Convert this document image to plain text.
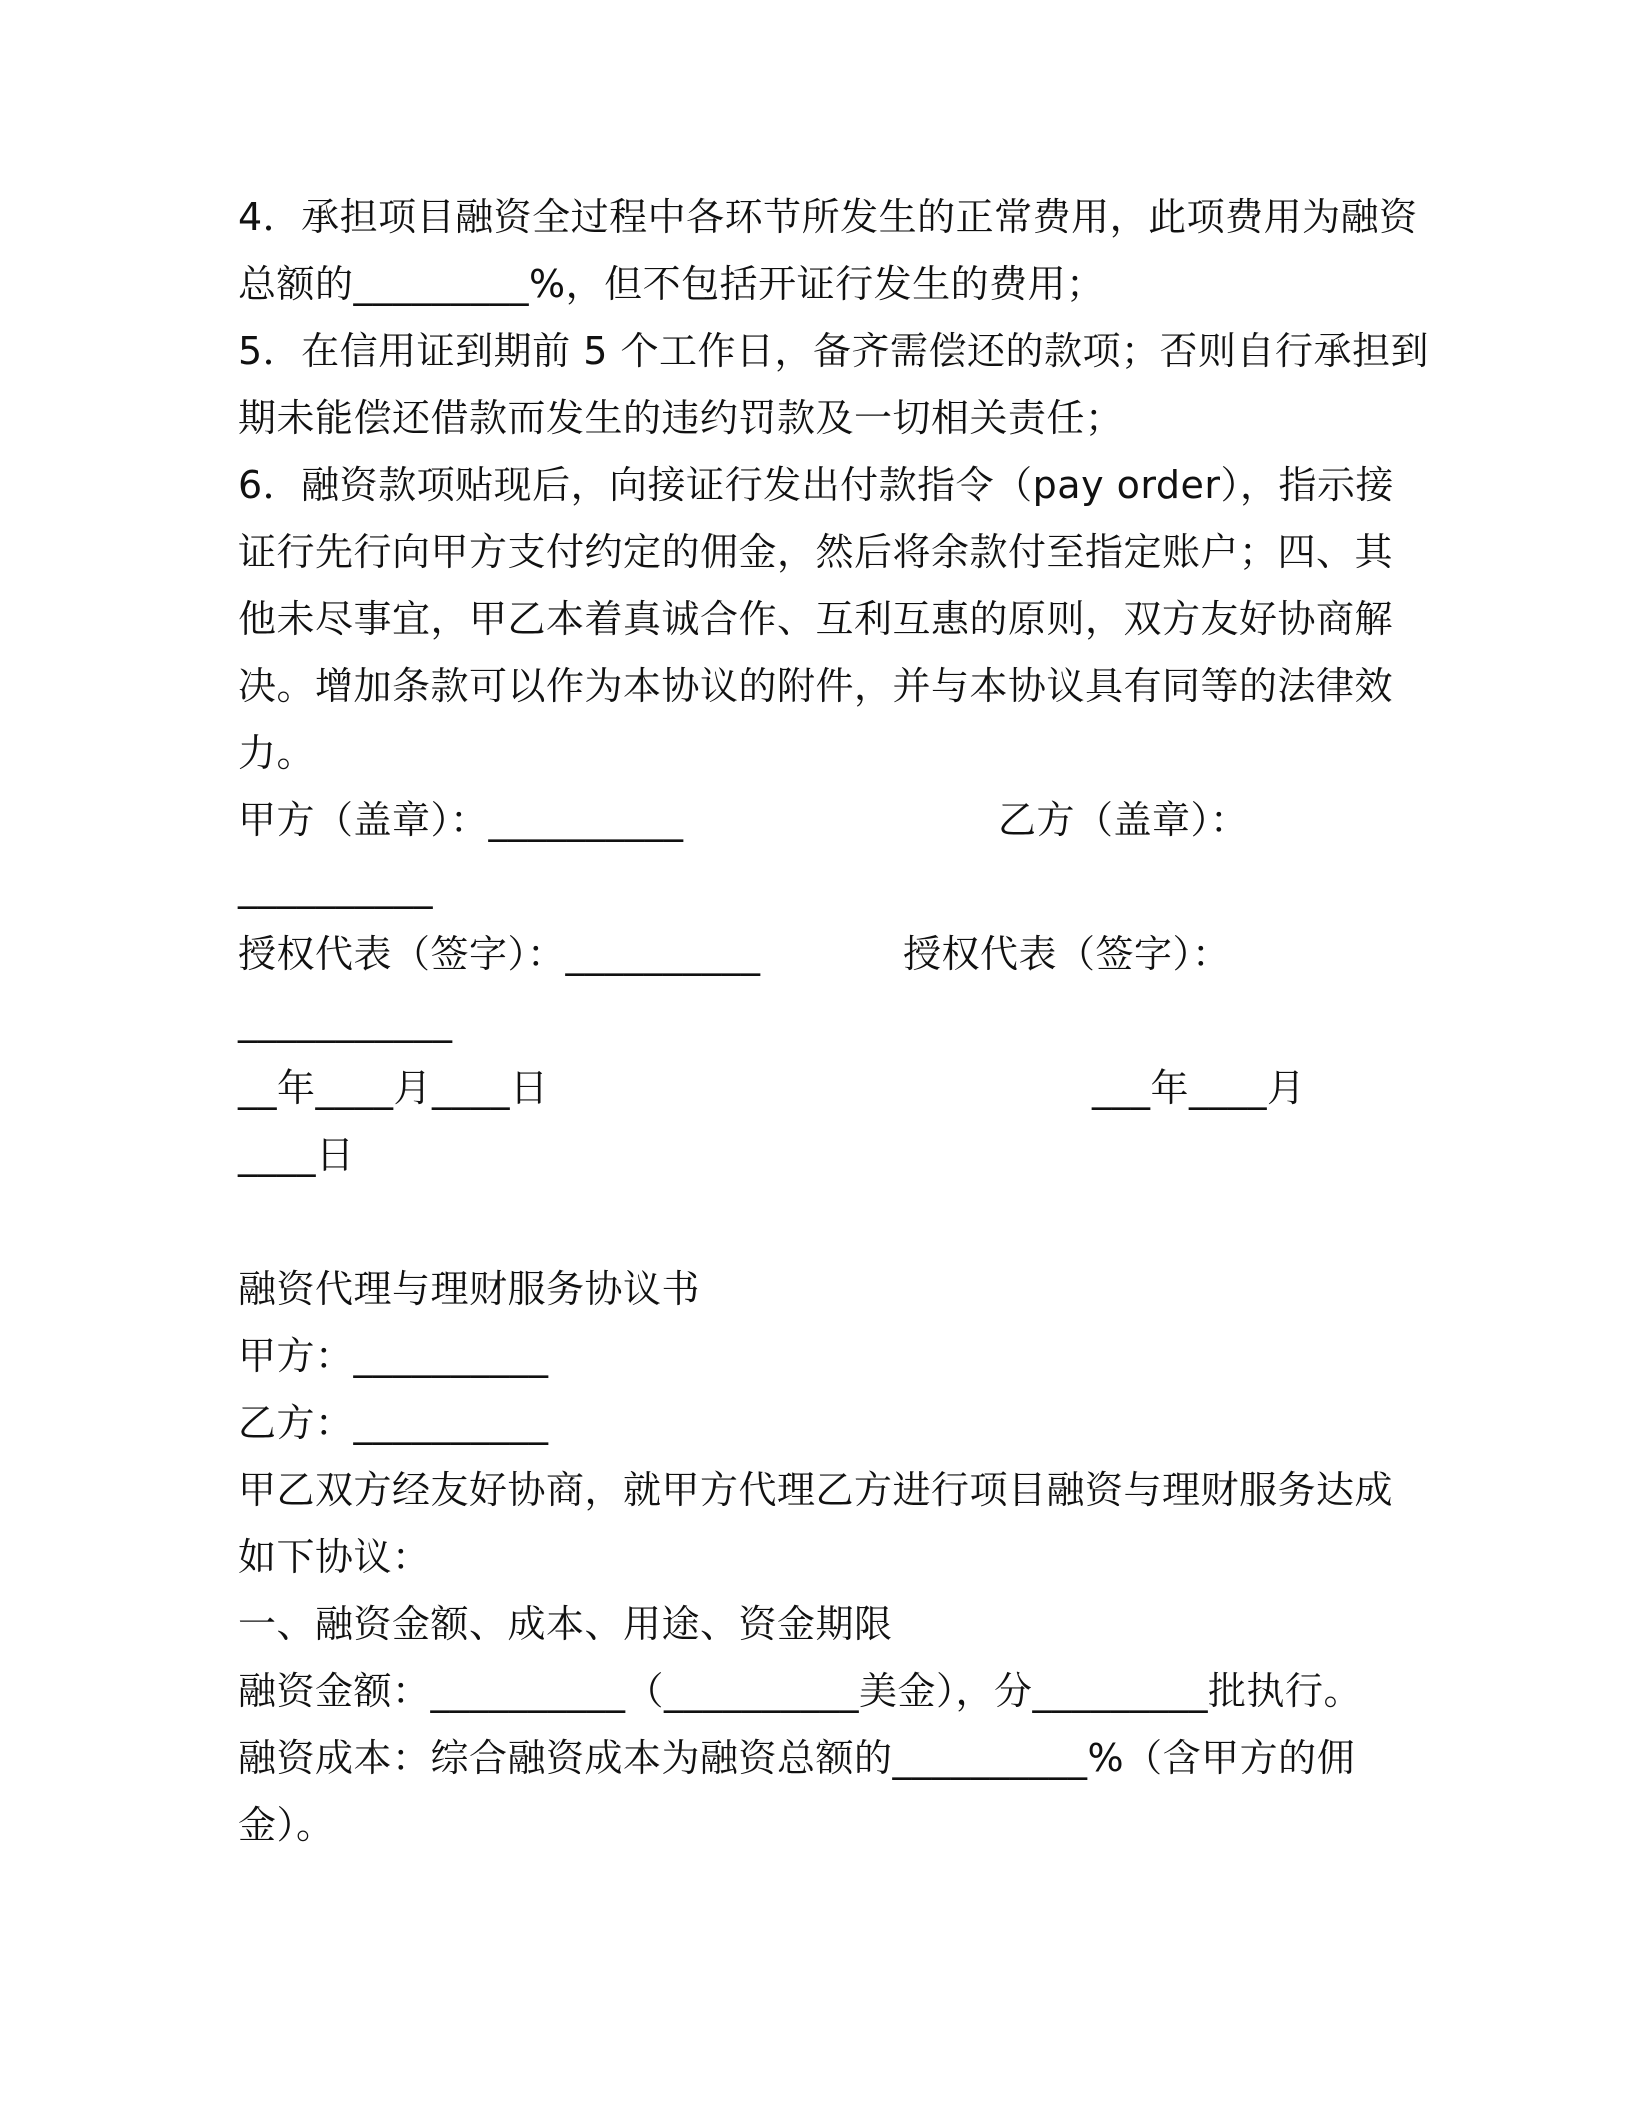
4．承担项目融资全过程中各环节所发生的正常费用，此项费用为融资
总额的_________%，但不包括开证行发生的费用；
5．在信用证到期前 5 个工作日，备齐需偿还的款项；否则自行承担到
期未能偿还借款而发生的违约罚款及一切相关责任；
6．融资款项贴现后，向接证行发出付款指令（pay order），指示接
证行先行向甲方支付约定的佣金，然后将余款付至指定账户；四、其
他未尽事宜，甲乙本着真诚合作、互利互惠的原则，双方友好协商解
决。增加条款可以作为本协议的附件，并与本协议具有同等的法律效
力。
甲方（盖章）：__________	乙方（盖章）：
__________
授权代表（签字）：__________	授权代表（签字）：
___________
__年____月____日	___年____月
____日
融资代理与理财服务协议书
甲方：__________
乙方：__________
甲乙双方经友好协商，就甲方代理乙方进行项目融资与理财服务达成
如下协议：
一、融资金额、成本、用途、资金期限
融资金额：__________（__________美金），分_________批执行。
融资成本：综合融资成本为融资总额的__________%（含甲方的佣
金）。
